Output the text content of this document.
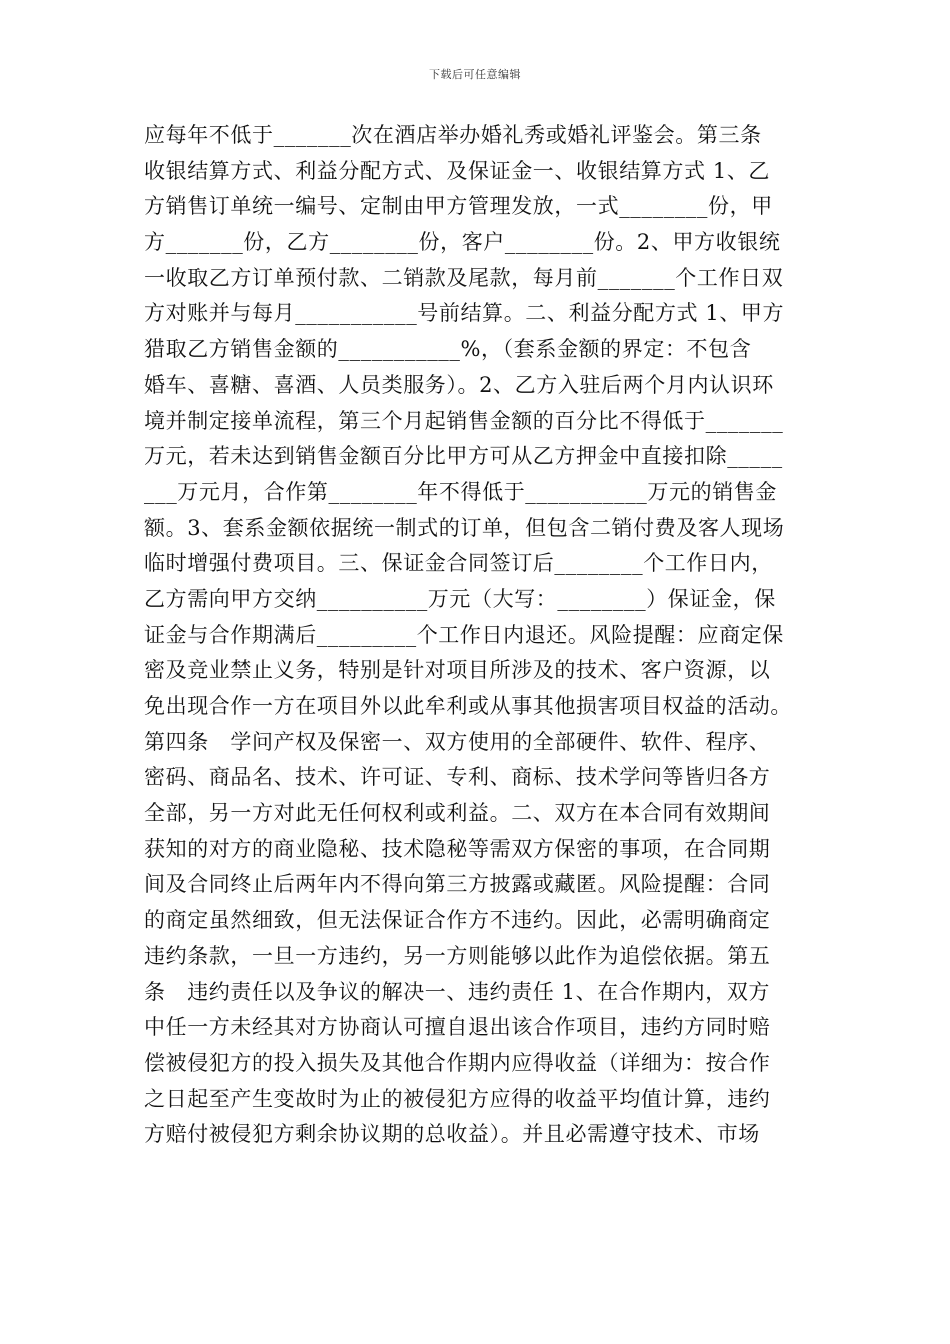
下载后可任意编辑
应每年不低于_______次在酒店举办婚礼秀或婚礼评鉴会。第三条
收银结算方式、利益分配方式、及保证金一、收银结算方式 1、乙
方销售订单统一编号、定制由甲方管理发放，一式________份，甲
方_______份，乙方________份，客户________份。2、甲方收银统
一收取乙方订单预付款、二销款及尾款，每月前_______个工作日双
方对账并与每月___________号前结算。二、利益分配方式 1、甲方
猎取乙方销售金额的___________%，（套系金额的界定：不包含
婚车、喜糖、喜酒、人员类服务）。2、乙方入驻后两个月内认识环
境并制定接单流程，第三个月起销售金额的百分比不得低于_______
万元，若未达到销售金额百分比甲方可从乙方押金中直接扣除_____
___万元月，合作第________年不得低于___________万元的销售金
额。3、套系金额依据统一制式的订单，但包含二销付费及客人现场
临时增强付费项目。三、保证金合同签订后________个工作日内，
乙方需向甲方交纳__________万元（大写：________）保证金，保
证金与合作期满后_________个工作日内退还。风险提醒：应商定保
密及竞业禁止义务，特别是针对项目所涉及的技术、客户资源，以
免出现合作一方在项目外以此牟利或从事其他损害项目权益的活动。
第四条　学问产权及保密一、双方使用的全部硬件、软件、程序、
密码、商品名、技术、许可证、专利、商标、技术学问等皆归各方
全部，另一方对此无任何权利或利益。二、双方在本合同有效期间
获知的对方的商业隐秘、技术隐秘等需双方保密的事项，在合同期
间及合同终止后两年内不得向第三方披露或藏匿。风险提醒：合同
的商定虽然细致，但无法保证合作方不违约。因此，必需明确商定
违约条款，一旦一方违约，另一方则能够以此作为追偿依据。第五
条　违约责任以及争议的解决一、违约责任 1、在合作期内，双方
中任一方未经其对方协商认可擅自退出该合作项目，违约方同时赔
偿被侵犯方的投入损失及其他合作期内应得收益（详细为：按合作
之日起至产生变故时为止的被侵犯方应得的收益平均值计算，违约
方赔付被侵犯方剩余协议期的总收益）。并且必需遵守技术、市场
